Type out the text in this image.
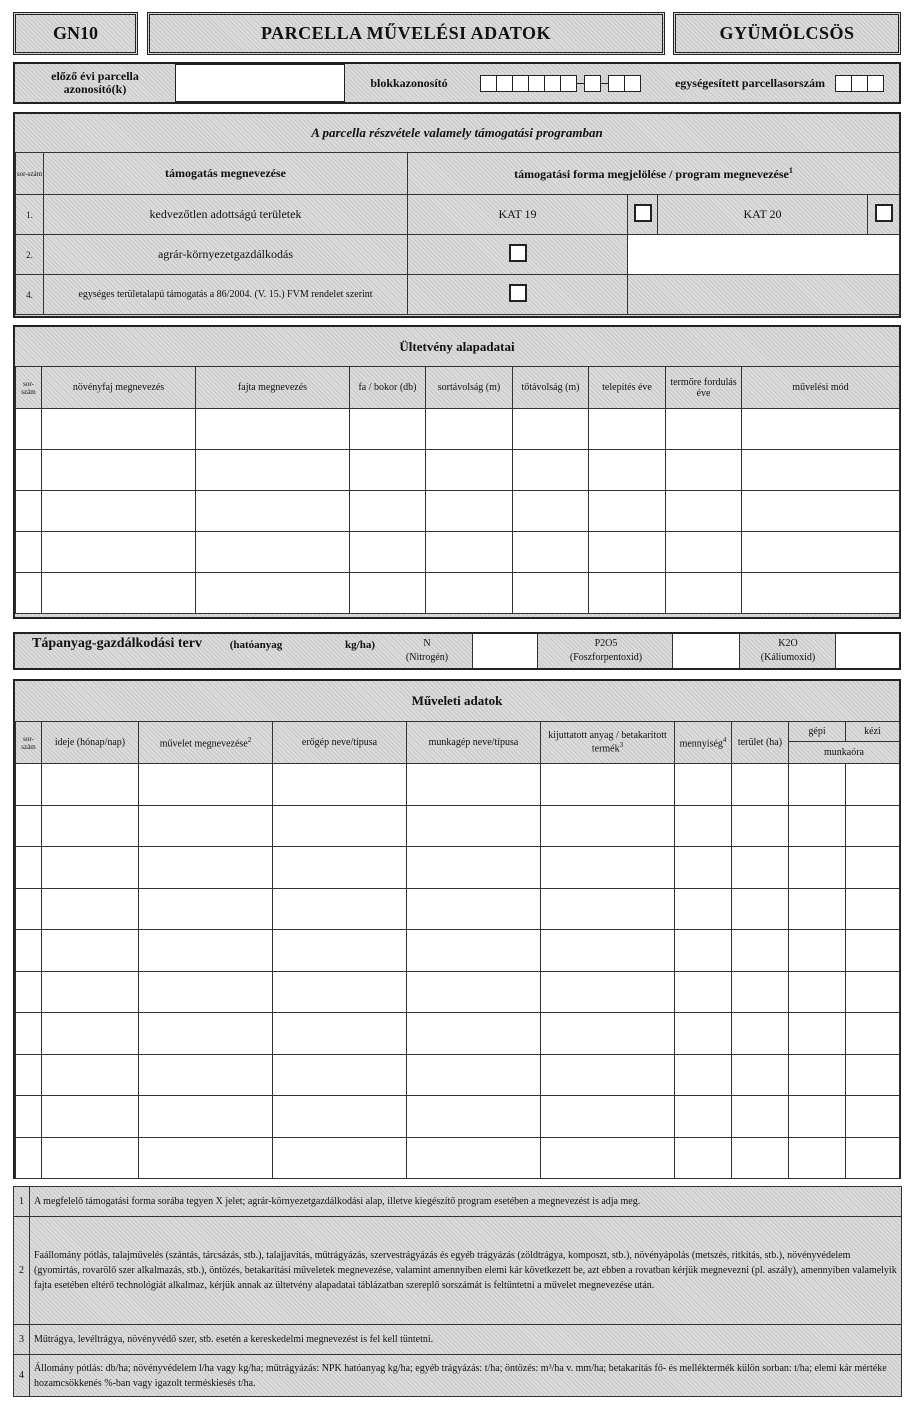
GN10	PARCELLA MŰVELÉSI ADATOK	GYÜMÖLCSÖS
előző évi parcella azonosító(k)	blokkazonosító	egységesített parcellasorszám
A parcella részvétele valamely támogatási programban
sor-szám	támogatás megnevezése	támogatási forma megjelölése / program megnevezése$^1$
1.	kedvezőtlen adottságú területek	KAT 19		KAT 20	
2.	agrár-környezetgazdálkodás				
4.	egységes területalapú támogatás a 86/2004. (V. 15.) FVM rendelet szerint				
Ültetvény alapadatai
sor-szám	növényfaj megnevezés	fajta megnevezés	fa / bokor (db)	sortávolság (m)	tőtávolság (m)	telepítés éve	termőre fordulás éve	művelési mód

Tápanyag-gazdálkodási terv	(hatóanyag kg/ha)	N
(Nitrogén)
P2O5
(Foszforpentoxid)
K2O
(Káliumoxid)
Műveleti adatok
sor-szám	ideje (hónap/nap)	művelet megnevezése$^2$	erőgép neve/típusa	munkagép neve/típusa	kijuttatott anyag / betakarított termék$^3$	mennyiség$^4$	terület (ha)	gépi	kézi
								munkaóra	

1	A megfelelő támogatási forma sorába tegyen X jelet; agrár-környezetgazdálkodási alap, illetve kiegészítő program esetében a megnevezést is adja meg.
2	Faállomány pótlás, talajművelés (szántás, tárcsázás, stb.), talajjavítás, műtrágyázás, szervestrágyázás és egyéb trágyázás (zöldtrágya, komposzt, stb.), növényápolás (metszés, ritkítás, stb.), növényvédelem (gyomirtás, rovarölő szer alkalmazás, stb.), öntözés, betakarítási műveletek megnevezése, valamint amennyiben elemi kár következett be, azt ebben a rovatban kérjük megnevezni (pl. aszály), amennyiben valamelyik fajta esetében eltérő technológiát alkalmaz, kérjük annak az ültetvény alapadatai táblázatban szereplő sorszámát is feltüntetni a művelet megnevezése után.
3	Műtrágya, levéltrágya, növényvédő szer, stb. esetén a kereskedelmi megnevezést is fel kell tüntetni.
4	Állomány pótlás: db/ha; növényvédelem l/ha vagy kg/ha; műtrágyázás: NPK hatóanyag kg/ha; egyéb trágyázás: t/ha; öntözés: m³/ha v. mm/ha; betakarítás fő- és melléktermék külön sorban: t/ha; elemi kár mértéke hozamcsökkenés %-ban vagy igazolt terméskiesés t/ha.
